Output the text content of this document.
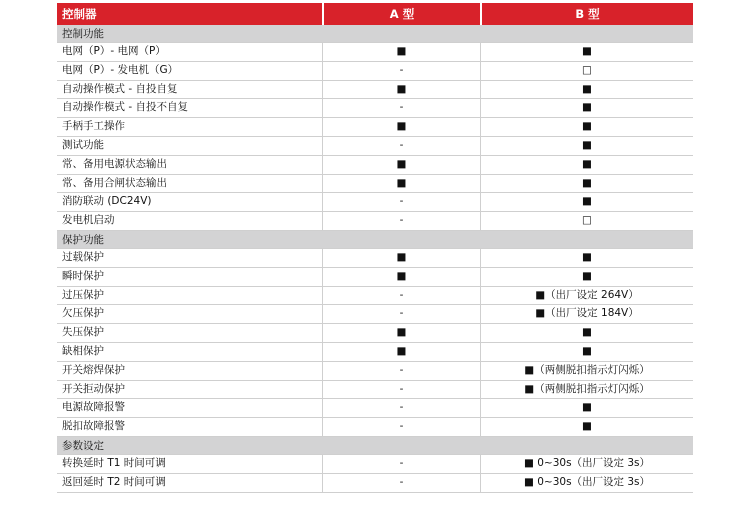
控制器	A 型	B 型
控制功能
电网（P）- 电网（P）	■	■
电网（P）- 发电机（G）	-	□
自动操作模式 - 自投自复	■	■
自动操作模式 - 自投不自复	-	■
手柄手工操作	■	■
测试功能	-	■
常、备用电源状态输出	■	■
常、备用合闸状态输出	■	■
消防联动 (DC24V)	-	■
发电机启动	-	□
保护功能
过载保护	■	■
瞬时保护	■	■
过压保护	-	■（出厂设定 264V）
欠压保护	-	■（出厂设定 184V）
失压保护	■	■
缺相保护	■	■
开关熔焊保护	-	■（两侧脱扣指示灯闪烁）
开关拒动保护	-	■（两侧脱扣指示灯闪烁）
电源故障报警	-	■
脱扣故障报警	-	■
参数设定
转换延时 T1 时间可调	-	■ 0~30s（出厂设定 3s）
返回延时 T2 时间可调	-	■ 0~30s（出厂设定 3s）
